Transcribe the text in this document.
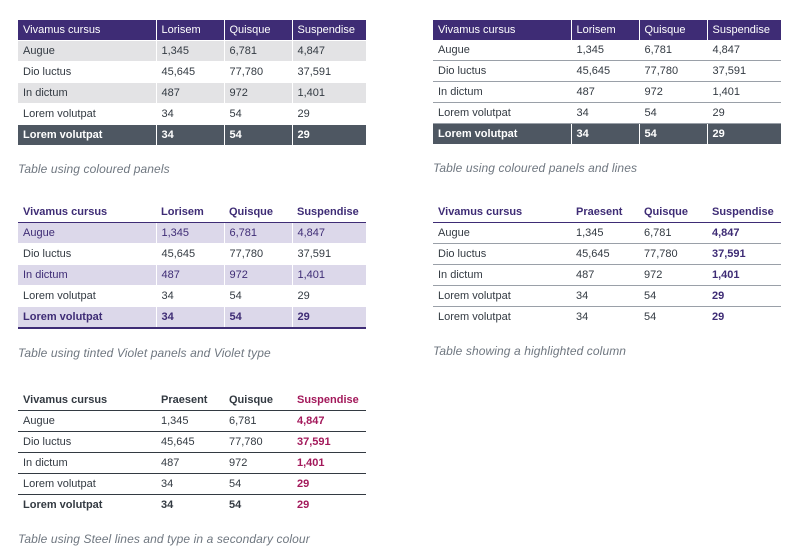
Vivamus cursus	Lorisem	Quisque	Suspendise
Augue	1,345	6,781	4,847
Dio luctus	45,645	77,780	37,591
In dictum	487	972	1,401
Lorem volutpat	34	54	29
Lorem volutpat	34	54	29
Table using coloured panels
Vivamus cursus	Lorisem	Quisque	Suspendise
Augue	1,345	6,781	4,847
Dio luctus	45,645	77,780	37,591
In dictum	487	972	1,401
Lorem volutpat	34	54	29
Lorem volutpat	34	54	29
Table using coloured panels and lines
Vivamus cursus	Lorisem	Quisque	Suspendise
Augue	1,345	6,781	4,847
Dio luctus	45,645	77,780	37,591
In dictum	487	972	1,401
Lorem volutpat	34	54	29
Lorem volutpat	34	54	29
Table using tinted Violet panels and Violet type
Vivamus cursus	Praesent	Quisque	Suspendise
Augue	1,345	6,781	4,847
Dio luctus	45,645	77,780	37,591
In dictum	487	972	1,401
Lorem volutpat	34	54	29
Lorem volutpat	34	54	29
Table showing a highlighted column
Vivamus cursus	Praesent	Quisque	Suspendise
Augue	1,345	6,781	4,847
Dio luctus	45,645	77,780	37,591
In dictum	487	972	1,401
Lorem volutpat	34	54	29
Lorem volutpat	34	54	29
Table using Steel lines and type in a secondary colour
